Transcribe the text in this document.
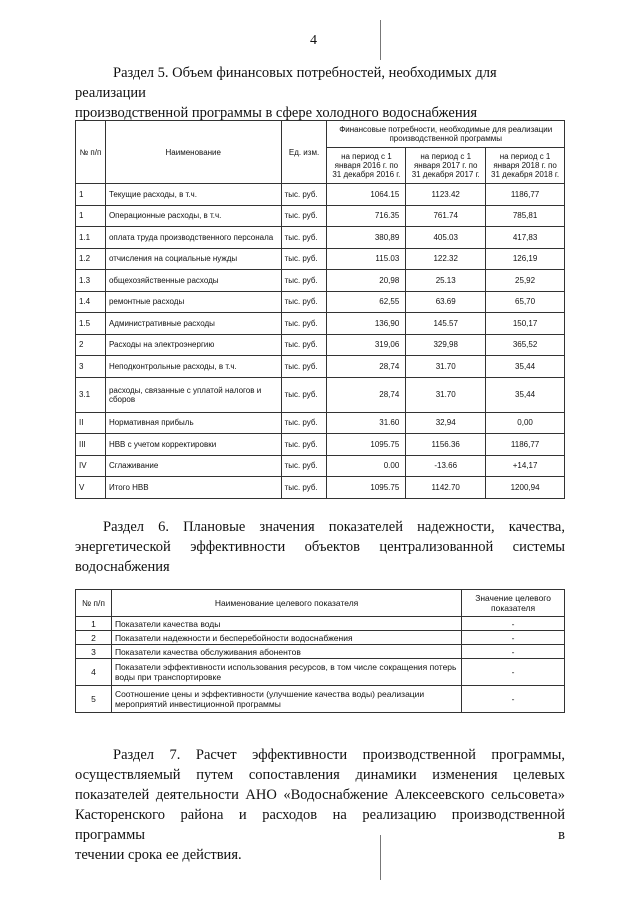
4
Раздел 5. Объем финансовых потребностей, необходимых для реализации
производственной программы в сфере холодного водоснабжения
№ п/п	Наименование	Ед. изм.	Финансовые потребности, необходимые для реализации производственной программы		
			на период с 1 января 2016 г. по 31 декабря 2016 г.	на период с 1 января 2017 г. по 31 декабря 2017 г.	на период с 1 января 2018 г. по 31 декабря 2018 г.
1	Текущие расходы, в т.ч.	тыс. руб.	1064.15	1123.42	1186,77
1	Операционные расходы, в т.ч.	тыс. руб.	716.35	761.74	785,81
1.1	оплата труда производственного персонала	тыс. руб.	380,89	405.03	417,83
1.2	отчисления на социальные нужды	тыс. руб.	115.03	122.32	126,19
1.3	общехозяйственные расходы	тыс. руб.	20,98	25.13	25,92
1.4	ремонтные расходы	тыс. руб.	62,55	63.69	65,70
1.5	Административные расходы	тыс. руб.	136,90	145.57	150,17
2	Расходы на электроэнергию	тыс. руб.	319,06	329,98	365,52
3	Неподконтрольные расходы, в т.ч.	тыс. руб.	28,74	31.70	35,44
3.1	расходы, связанные с уплатой налогов и сборов	тыс. руб.	28,74	31.70	35,44
II	Нормативная прибыль	тыс. руб.	31.60	32,94	0,00
III	НВВ с учетом корректировки	тыс. руб.	1095.75	1156.36	1186,77
IV	Сглаживание	тыс. руб.	0.00	-13.66	+14,17
V	Итого НВВ	тыс. руб.	1095.75	1142.70	1200,94
Раздел 6. Плановые значения показателей надежности, качества,
энергетической эффективности объектов централизованной системы
водоснабжения
№ п/п	Наименование целевого показателя	Значение целевого показателя
1	Показатели качества воды	-
2	Показатели надежности и бесперебойности водоснабжения	-
3	Показатели качества обслуживания абонентов	-
4	Показатели эффективности использования ресурсов, в том числе сокращения потерь воды при транспортировке	-
5	Соотношение цены и эффективности (улучшение качества воды) реализации мероприятий инвестиционной программы	-
Раздел 7. Расчет эффективности производственной программы,
осуществляемый путем сопоставления динамики изменения целевых
показателей деятельности АНО «Водоснабжение Алексеевского сельсовета»
Касторенского района и расходов на реализацию производственной программы в
течении срока ее действия.
